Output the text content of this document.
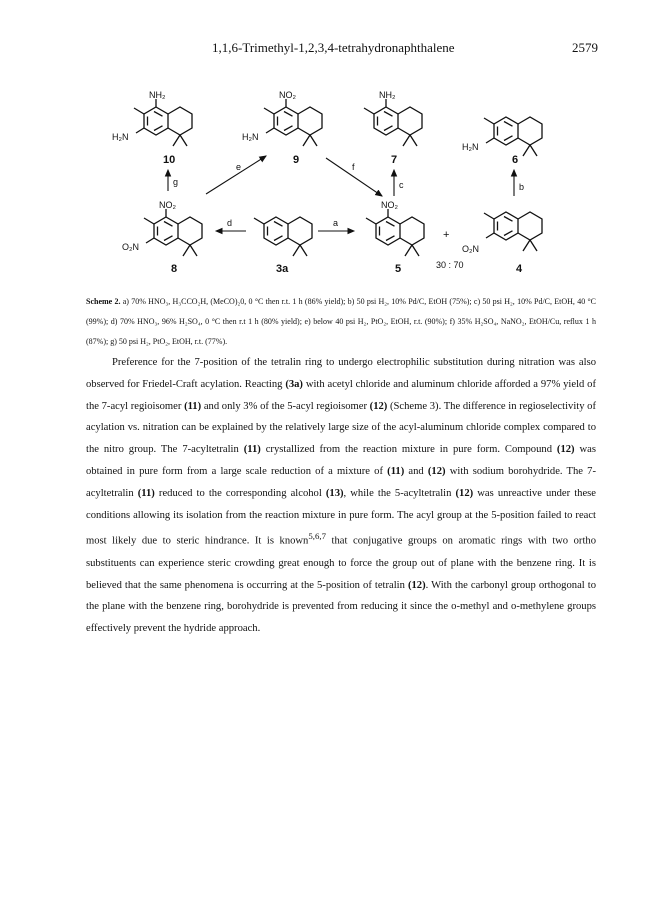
1,1,6-Trimethyl-1,2,3,4-tetrahydronaphthalene	2579
NH₂
H₂N
10
NO₂
H₂N
9
NH₂
7
H₂N
6
g
e	f
c	b
d	a
NO₂
O₂N
8	3a
NO₂
5
+
O₂N
4
30 : 70
Scheme 2. a) 70% HNO₃, H₃CCO₂H, (MeCO)₂0, 0 °C then r.t. 1 h (86% yield); b) 50 psi H₂, 10% Pd/C, EtOH (75%); c) 50 psi H₂, 10% Pd/C, EtOH, 40 °C (99%); d) 70% HNO₃, 96% H₂SO₄, 0 °C then r.t 1 h (80% yield); e) below 40 psi H₂, PtO₂, EtOH, r.t. (90%); f) 35% H₂SO₄, NaNO₂, EtOH/Cu, reflux 1 h (87%); g) 50 psi H₂, PtO₂, EtOH, r.t. (77%).

Preference for the 7-position of the tetralin ring to undergo electrophilic substitution during nitration was also observed for Friedel-Craft acylation. Reacting (3a) with acetyl chloride and aluminum chloride afforded a 97% yield of the 7-acyl regioisomer (11) and only 3% of the 5-acyl regioisomer (12) (Scheme 3). The difference in regioselectivity of acylation vs. nitration can be explained by the relatively large size of the acyl-aluminum chloride complex compared to the nitro group. The 7-acyltetralin (11) crystallized from the reaction mixture in pure form. Compound (12) was obtained in pure form from a large scale reduction of a mixture of (11) and (12) with sodium borohydride. The 7-acyltetralin (11) reduced to the corresponding alcohol (13), while the 5-acyltetralin (12) was unreactive under these conditions allowing its isolation from the reaction mixture in pure form. The acyl group at the 5-position failed to react most likely due to steric hindrance. It is known$^{5,6,7}$ that conjugative groups on aromatic rings with two ortho substituents can experience steric crowding great enough to force the group out of plane with the benzene ring. It is believed that the same phenomena is occurring at the 5-position of tetralin (12). With the carbonyl group orthogonal to the plane with the benzene ring, borohydride is prevented from reducing it since the o-methyl and o-methylene groups effectively prevent the hydride approach.
